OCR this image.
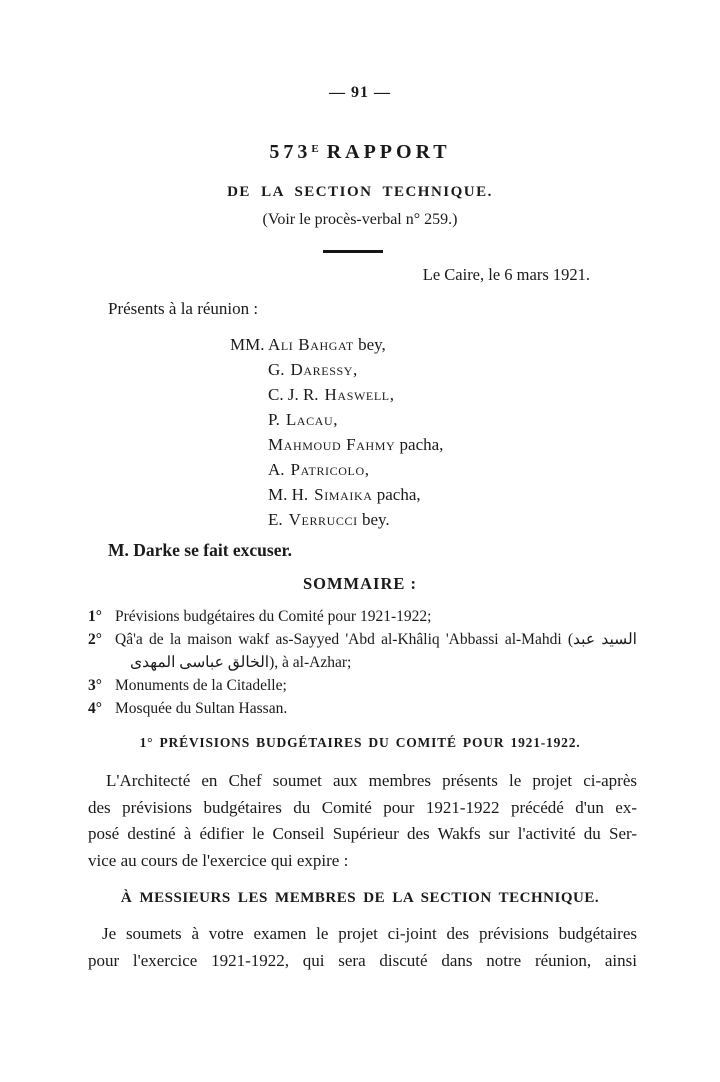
— 91 —
$573^E$ RAPPORT
DE LA SECTION TECHNIQUE.
(Voir le procès-verbal n° 259.)
Le Caire, le 6 mars 1921.
Présents à la réunion :
MM. Ali Bahgat bey,
G. Daressy,
C. J. R. Haswell,
P. Lacau,
Mahmoud Fahmy pacha,
A. Patricolo,
M. H. Simaika pacha,
E. Verrucci bey.
M. Darke se fait excuser.
SOMMAIRE :
1° Prévisions budgétaires du Comité pour 1921-1922;
2° Qâ'a de la maison wakf as-Sayyed 'Abd al-Khâliq 'Abbassi al-Mahdi (السيد عبد
الخالق عباسى المهدى), à al-Azhar;
3° Monuments de la Citadelle;
4° Mosquée du Sultan Hassan.
1° PRÉVISIONS BUDGÉTAIRES DU COMITÉ POUR 1921-1922.
L'Architecté en Chef soumet aux membres présents le projet ci-après
des prévisions budgétaires du Comité pour 1921-1922 précédé d'un ex-
posé destiné à édifier le Conseil Supérieur des Wakfs sur l'activité du Ser-
vice au cours de l'exercice qui expire :
À MESSIEURS LES MEMBRES DE LA SECTION TECHNIQUE.
Je soumets à votre examen le projet ci-joint des prévisions budgétaires
pour l'exercice 1921-1922, qui sera discuté dans notre réunion, ainsi
